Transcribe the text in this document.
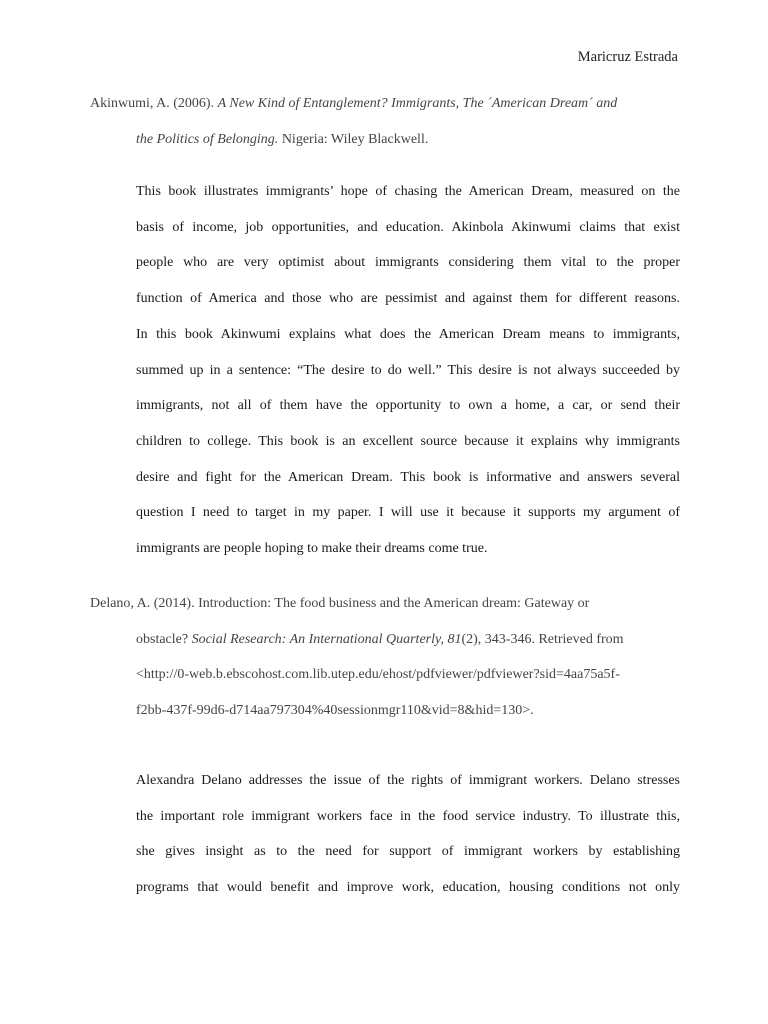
Maricruz Estrada
Akinwumi, A. (2006). A New Kind of Entanglement? Immigrants, The ´American Dream´ and
the Politics of Belonging. Nigeria: Wiley Blackwell.
This book illustrates immigrants’ hope of chasing the American Dream, measured on the
basis of income, job opportunities, and education. Akinbola Akinwumi claims that exist
people who are very optimist about immigrants considering them vital to the proper
function of America and those who are pessimist and against them for different reasons.
In this book Akinwumi explains what does the American Dream means to immigrants,
summed up in a sentence: “The desire to do well.” This desire is not always succeeded by
immigrants, not all of them have the opportunity to own a home, a car, or send their
children to college. This book is an excellent source because it explains why immigrants
desire and fight for the American Dream. This book is informative and answers several
question I need to target in my paper. I will use it because it supports my argument of
immigrants are people hoping to make their dreams come true.
Delano, A. (2014). Introduction: The food business and the American dream: Gateway or
obstacle? Social Research: An International Quarterly, 81(2), 343-346. Retrieved from
<http://0-web.b.ebscohost.com.lib.utep.edu/ehost/pdfviewer/pdfviewer?sid=4aa75a5f-
f2bb-437f-99d6-d714aa797304%40sessionmgr110&vid=8&hid=130>.
Alexandra Delano addresses the issue of the rights of immigrant workers. Delano stresses
the important role immigrant workers face in the food service industry. To illustrate this,
she gives insight as to the need for support of immigrant workers by establishing
programs that would benefit and improve work, education, housing conditions not only
